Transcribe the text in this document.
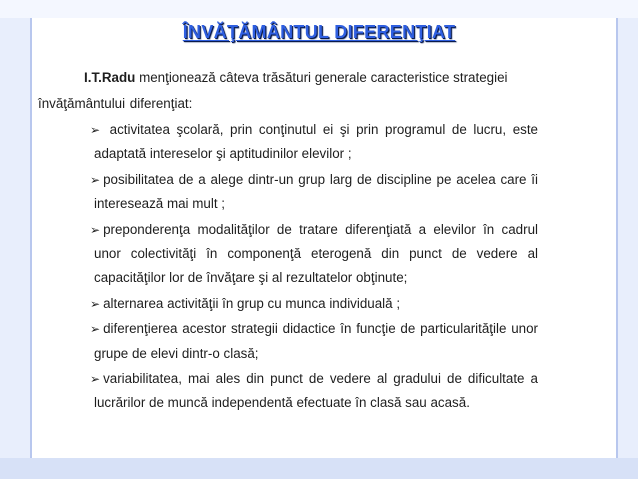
ÎNVĂŢĂMÂNTUL DIFERENŢIAT
I.T.Radu menţionează câteva trăsături generale caracteristice strategiei
învăţământului diferenţiat:
➢ activitatea şcolară, prin conţinutul ei şi prin programul de lucru, este adaptată intereselor şi aptitudinilor elevilor ;
➢ posibilitatea de a alege dintr-un grup larg de discipline pe acelea care îi interesează mai mult ;
➢ preponderenţa modalităţilor de tratare diferenţiată a elevilor în cadrul unor colectivităţi în componenţă eterogenă din punct de vedere al capacităţilor lor de învăţare şi al rezultatelor obţinute;
➢ alternarea activităţii în grup cu munca individuală ;
➢ diferenţierea acestor strategii didactice în funcţie de particularităţile unor grupe de elevi dintr-o clasă;
➢ variabilitatea, mai ales din punct de vedere al gradului de dificultate a lucrărilor de muncă independentă efectuate în clasă sau acasă.
